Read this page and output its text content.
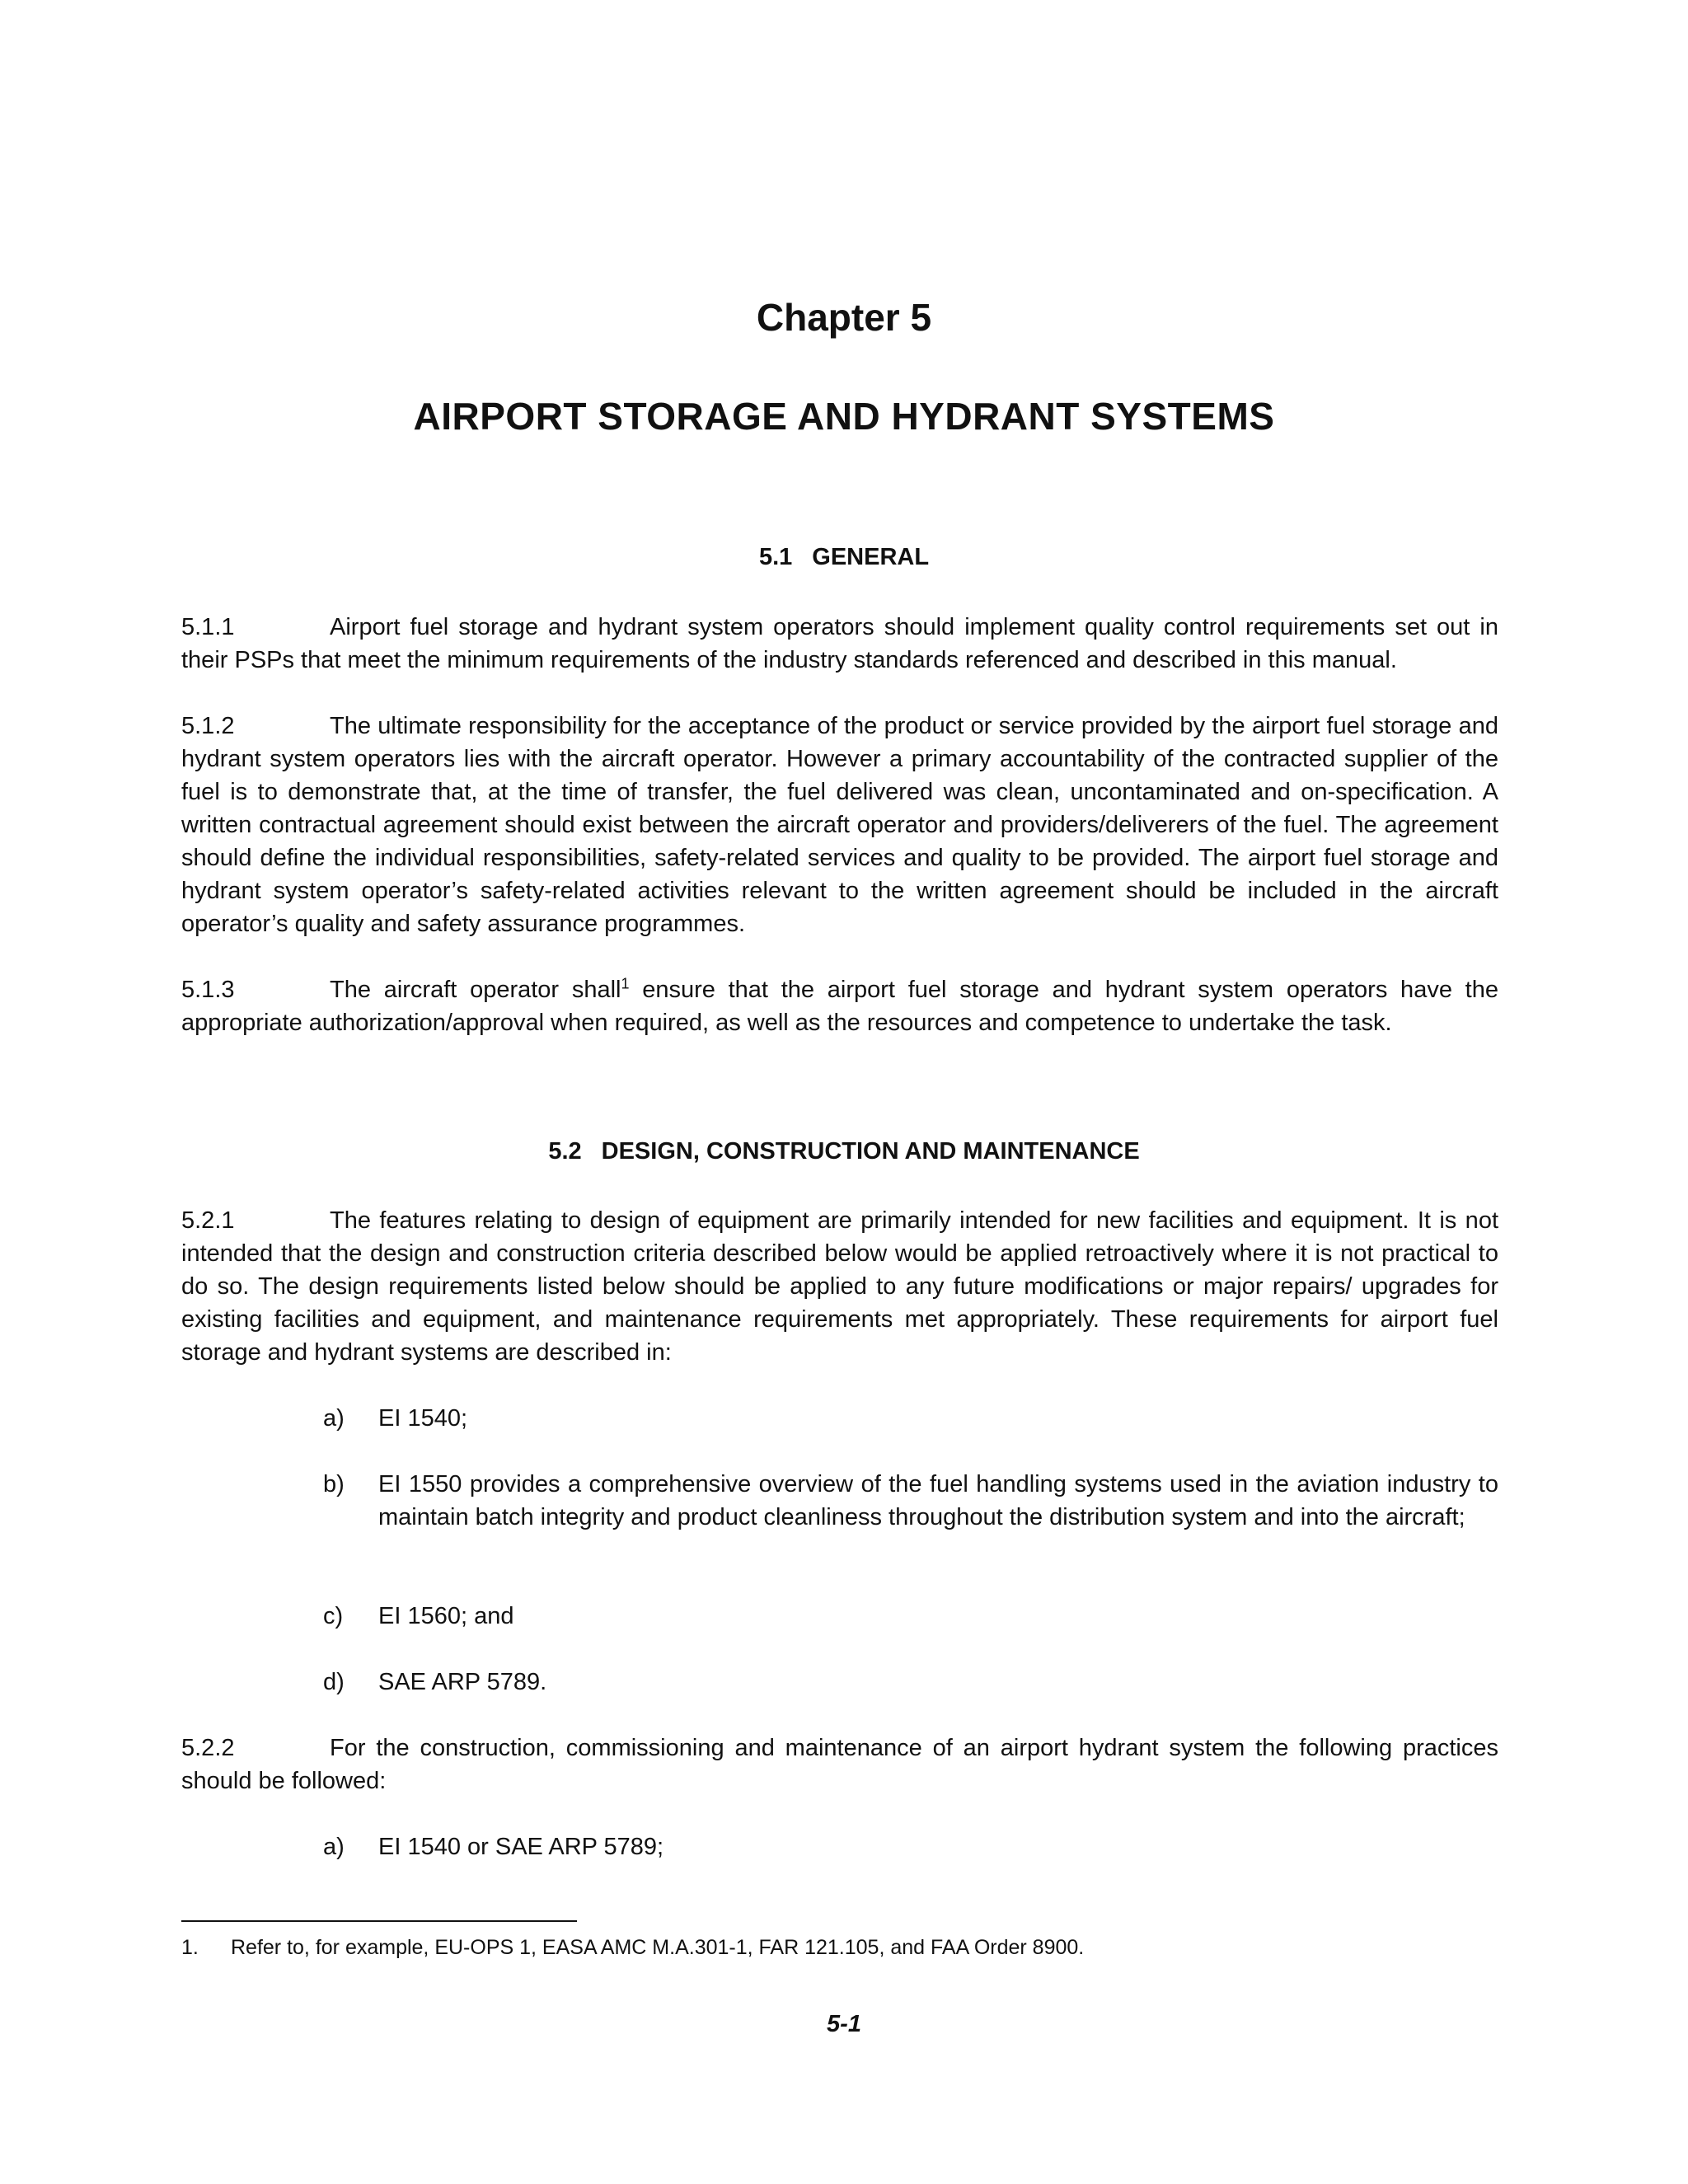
Chapter 5
AIRPORT STORAGE AND HYDRANT SYSTEMS
5.1 GENERAL
5.1.1	Airport fuel storage and hydrant system operators should implement quality control requirements set out in their PSPs that meet the minimum requirements of the industry standards referenced and described in this manual.
5.1.2	The ultimate responsibility for the acceptance of the product or service provided by the airport fuel storage and hydrant system operators lies with the aircraft operator. However a primary accountability of the contracted supplier of the fuel is to demonstrate that, at the time of transfer, the fuel delivered was clean, uncontaminated and on-specification. A written contractual agreement should exist between the aircraft operator and providers/deliverers of the fuel. The agreement should define the individual responsibilities, safety-related services and quality to be provided. The airport fuel storage and hydrant system operator’s safety-related activities relevant to the written agreement should be included in the aircraft operator’s quality and safety assurance programmes.
5.1.3	The aircraft operator shall$^1$ ensure that the airport fuel storage and hydrant system operators have the appropriate authorization/approval when required, as well as the resources and competence to undertake the task.
5.2 DESIGN, CONSTRUCTION AND MAINTENANCE
5.2.1	The features relating to design of equipment are primarily intended for new facilities and equipment. It is not intended that the design and construction criteria described below would be applied retroactively where it is not practical to do so. The design requirements listed below should be applied to any future modifications or major repairs/ upgrades for existing facilities and equipment, and maintenance requirements met appropriately. These requirements for airport fuel storage and hydrant systems are described in:
a)	EI 1540;
b)	EI 1550 provides a comprehensive overview of the fuel handling systems used in the aviation industry to maintain batch integrity and product cleanliness throughout the distribution system and into the aircraft;
c)	EI 1560; and
d)	SAE ARP 5789.
5.2.2	For the construction, commissioning and maintenance of an airport hydrant system the following practices should be followed:
a)	EI 1540 or SAE ARP 5789;
1. Refer to, for example, EU-OPS 1, EASA AMC M.A.301-1, FAR 121.105, and FAA Order 8900.
5-1
